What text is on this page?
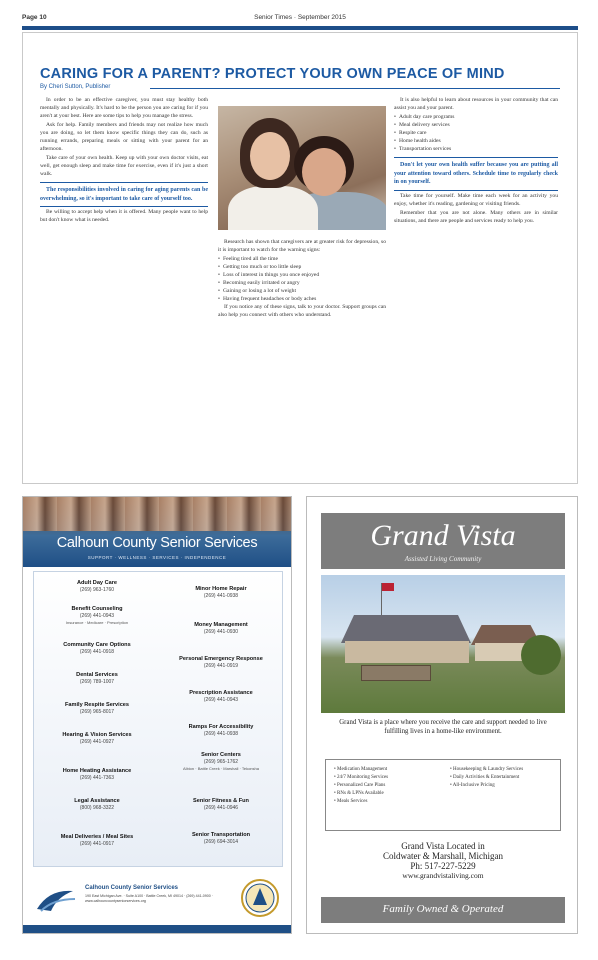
Page 10	Senior Times · September 2015
CARING FOR A PARENT? PROTECT YOUR OWN PEACE OF MIND
By Cheri Sutton, Publisher

In order to be an effective caregiver, you must stay healthy both mentally and physically. It's hard to be the person you are caring for if you aren't at your best. Here are some tips to help you manage the stress.

Ask for help. Family members and friends may not realize how much you are doing, so let them know specific things they can do, such as running errands, preparing meals or sitting with your parent for an afternoon.

Take care of your own health. Keep up with your own doctor visits, eat well, get enough sleep and make time for exercise, even if it's just a short walk.

The responsibilities involved in caring for aging parents can be overwhelming, so it's important to take care of yourself too.

Be willing to accept help when it is offered. Many people want to help but don't know what is needed.

Research has shown that caregivers are at greater risk for depression, so it is important to watch for the warning signs:

• Feeling tired all the time
• Getting too much or too little sleep
• Loss of interest in things you once enjoyed
• Becoming easily irritated or angry
• Gaining or losing a lot of weight
• Having frequent headaches or body aches

If you notice any of these signs, talk to your doctor. Support groups can also help you connect with others who understand.

It is also helpful to learn about resources in your community that can assist you and your parent.

• Adult day care programs
• Meal delivery services
• Respite care
• Home health aides
• Transportation services

Don't let your own health suffer because you are putting all your attention toward others. Schedule time to regularly check in on yourself.

Take time for yourself. Make time each week for an activity you enjoy, whether it's reading, gardening or visiting friends.

Remember that you are not alone. Many others are in similar situations, and there are people and services ready to help you.

Calhoun County Senior Services
SUPPORT · WELLNESS · SERVICES · INDEPENDENCE
Adult Day Care
(269) 963-1760
Benefit Counseling
(269) 441-0943
Insurance · Medicare · Prescription
Community Care Options
(269) 441-0918
Dental Services
(269) 789-1007
Family Respite Services
(269) 965-8017
Hearing & Vision Services
(269) 441-0927
Home Heating Assistance
(269) 441-7363
Legal Assistance
(800) 968-3322
Meal Deliveries / Meal Sites
(269) 441-0917
Minor Home Repair
(269) 441-0938
Money Management
(269) 441-0930
Personal Emergency Response
(269) 441-0919
Prescription Assistance
(269) 441-0943
Ramps For Accessibility
(269) 441-0938
Senior Centers
(269) 965-1762
Albion · Battle Creek · Marshall · Tekonsha
Senior Fitness & Fun
(269) 441-0946
Senior Transportation
(269) 694-3014
Calhoun County Senior Services
190 East Michigan Ave. · Suite A100 · Battle Creek, MI 49014 · (269) 441-0900 · www.calhouncountyseniorservices.org
Grand Vista
Assisted Living Community
Grand Vista is a place where you receive the care and support needed to live fulfilling lives in a home-like environment.
• Medication Management
• 24/7 Monitoring Services
• Personalized Care Plans
• RNs & LPNs Available
• Meals Services
• Housekeeping & Laundry Services
• Daily Activities & Entertainment
• All-Inclusive Pricing
Grand Vista Located in
Coldwater & Marshall, Michigan
Ph: 517-227-5229
www.grandvistaliving.com
Family Owned & Operated
